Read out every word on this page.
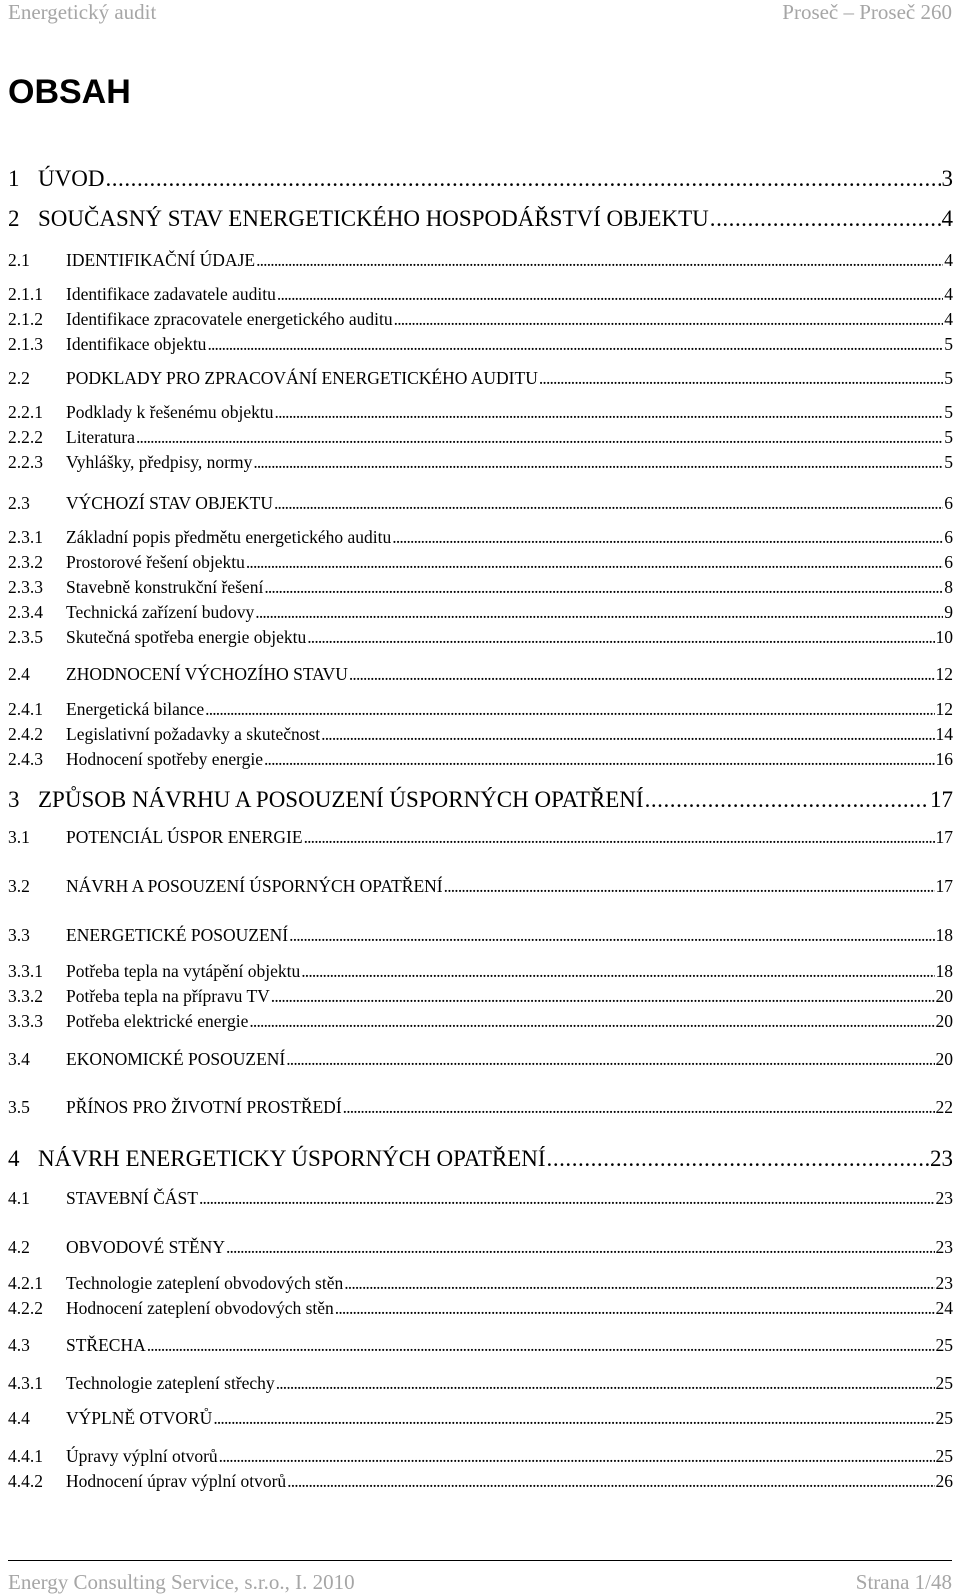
Energetický audit	Proseč – Proseč 260
OBSAH
1 ÚVOD . . .	3
2 SOUČASNÝ STAV ENERGETICKÉHO HOSPODÁŘSTVÍ OBJEKTU . . .	4
2.1	IDENTIFIKAČNÍ ÚDAJE . . .	4
2.1.1	Identifikace zadavatele auditu . . .	4
2.1.2	Identifikace zpracovatele energetického auditu . . .	4
2.1.3	Identifikace objektu . . .	5
2.2	PODKLADY PRO ZPRACOVÁNÍ ENERGETICKÉHO AUDITU . . .	5
2.2.1	Podklady k řešenému objektu . . .	5
2.2.2	Literatura . . .	5
2.2.3	Vyhlášky, předpisy, normy . . .	5
2.3	VÝCHOZÍ STAV OBJEKTU . . .	6
2.3.1	Základní popis předmětu energetického auditu . . .	6
2.3.2	Prostorové řešení objektu . . .	6
2.3.3	Stavebně konstrukční řešení . . .	8
2.3.4	Technická zařízení budovy . . .	9
2.3.5	Skutečná spotřeba energie objektu . . .	10
2.4	ZHODNOCENÍ VÝCHOZÍHO STAVU . . .	12
2.4.1	Energetická bilance . . .	12
2.4.2	Legislativní požadavky a skutečnost . . .	14
2.4.3	Hodnocení spotřeby energie . . .	16
3 ZPŮSOB NÁVRHU A POSOUZENÍ ÚSPORNÝCH OPATŘENÍ . . .	17
3.1	POTENCIÁL ÚSPOR ENERGIE . . .	17
3.2	NÁVRH A POSOUZENÍ ÚSPORNÝCH OPATŘENÍ . . .	17
3.3	ENERGETICKÉ POSOUZENÍ . . .	18
3.3.1	Potřeba tepla na vytápění objektu . . .	18
3.3.2	Potřeba tepla na přípravu TV . . .	20
3.3.3	Potřeba elektrické energie . . .	20
3.4	EKONOMICKÉ POSOUZENÍ . . .	20
3.5	PŘÍNOS PRO ŽIVOTNÍ PROSTŘEDÍ . . .	22
4 NÁVRH ENERGETICKY ÚSPORNÝCH OPATŘENÍ . . .	23
4.1	STAVEBNÍ ČÁST . . .	23
4.2	OBVODOVÉ STĚNY . . .	23
4.2.1	Technologie zateplení obvodových stěn . . .	23
4.2.2	Hodnocení zateplení obvodových stěn . . .	24
4.3	STŘECHA . . .	25
4.3.1	Technologie zateplení střechy . . .	25
4.4	VÝPLNĚ OTVORŮ . . .	25
4.4.1	Úpravy výplní otvorů . . .	25
4.4.2	Hodnocení úprav výplní otvorů . . .	26
Energy Consulting Service, s.r.o., I. 2010	Strana 1/48
